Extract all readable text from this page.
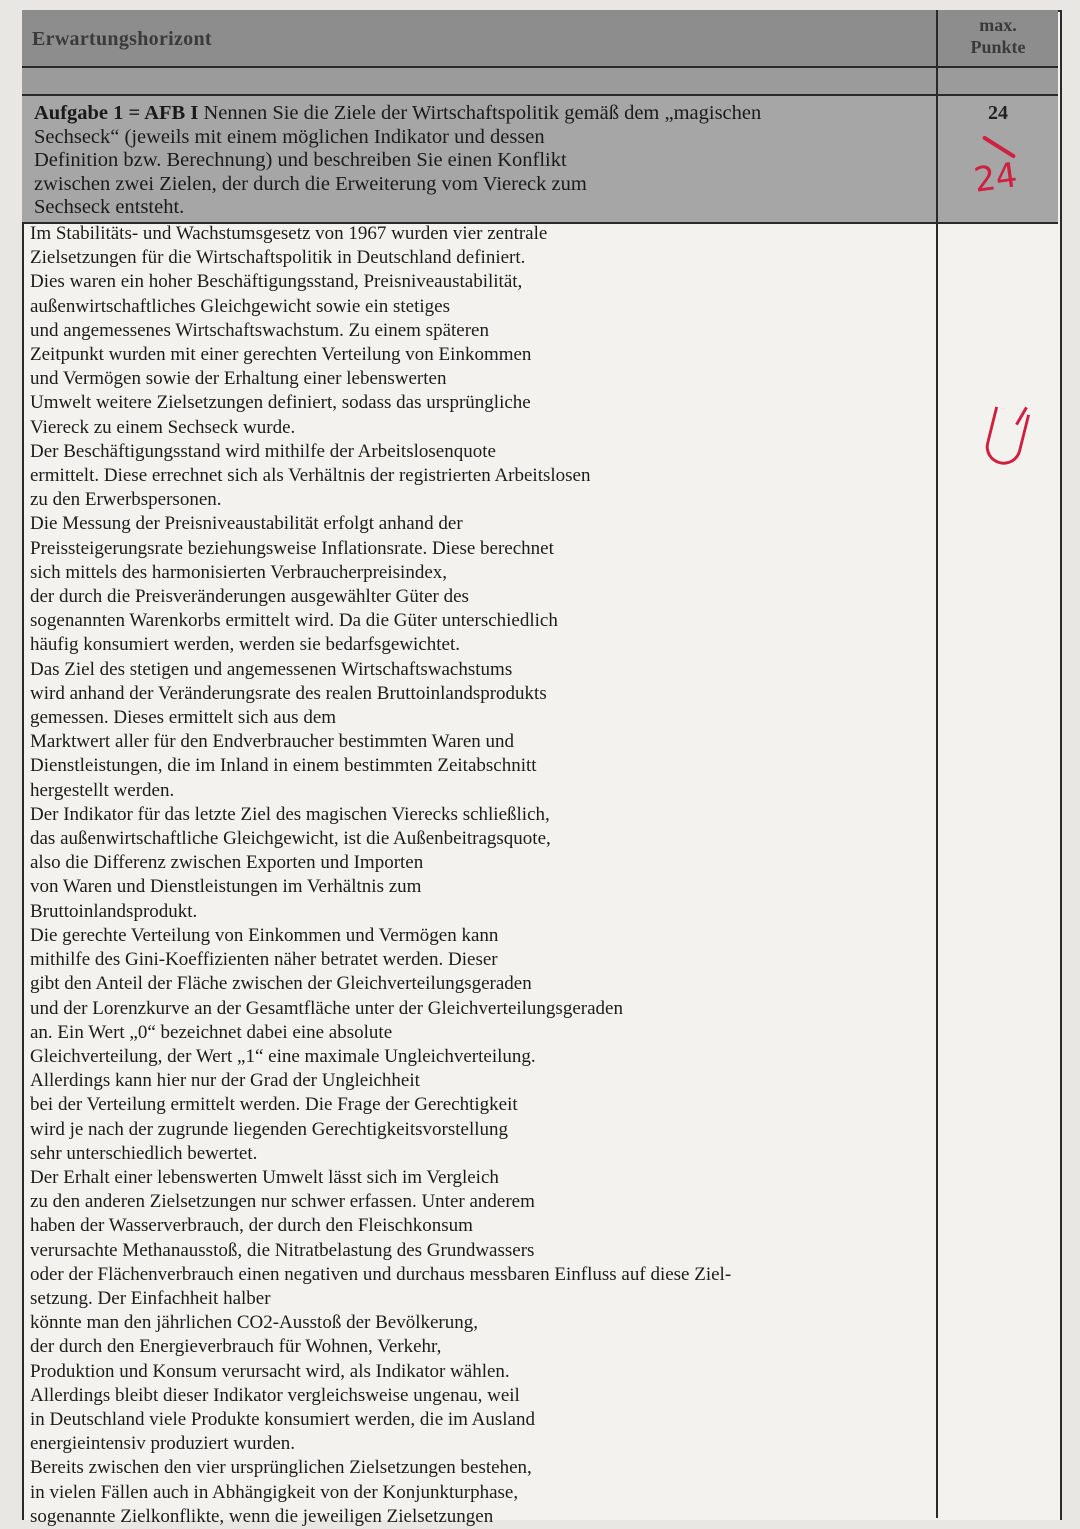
Erwartungshorizont
max.
Punkte
Aufgabe 1 = AFB I Nennen Sie die Ziele der Wirtschaftspolitik gemäß dem „magischen
Sechseck“ (jeweils mit einem möglichen Indikator und dessen
Definition bzw. Berechnung) und beschreiben Sie einen Konflikt
zwischen zwei Zielen, der durch die Erweiterung vom Viereck zum
Sechseck entsteht.
24
24
Im Stabilitäts- und Wachstumsgesetz von 1967 wurden vier zentrale
Zielsetzungen für die Wirtschaftspolitik in Deutschland definiert.
Dies waren ein hoher Beschäftigungsstand, Preisniveaustabilität,
außenwirtschaftliches Gleichgewicht sowie ein stetiges
und angemessenes Wirtschaftswachstum. Zu einem späteren
Zeitpunkt wurden mit einer gerechten Verteilung von Einkommen
und Vermögen sowie der Erhaltung einer lebenswerten
Umwelt weitere Zielsetzungen definiert, sodass das ursprüngliche
Viereck zu einem Sechseck wurde.
Der Beschäftigungsstand wird mithilfe der Arbeitslosenquote
ermittelt. Diese errechnet sich als Verhältnis der registrierten Arbeitslosen
zu den Erwerbspersonen.
Die Messung der Preisniveaustabilität erfolgt anhand der
Preissteigerungsrate beziehungsweise Inflationsrate. Diese berechnet
sich mittels des harmonisierten Verbraucherpreisindex,
der durch die Preisveränderungen ausgewählter Güter des
sogenannten Warenkorbs ermittelt wird. Da die Güter unterschiedlich
häufig konsumiert werden, werden sie bedarfsgewichtet.
Das Ziel des stetigen und angemessenen Wirtschaftswachstums
wird anhand der Veränderungsrate des realen Bruttoinlandsprodukts
gemessen. Dieses ermittelt sich aus dem
Marktwert aller für den Endverbraucher bestimmten Waren und
Dienstleistungen, die im Inland in einem bestimmten Zeitabschnitt
hergestellt werden.
Der Indikator für das letzte Ziel des magischen Vierecks schließlich,
das außenwirtschaftliche Gleichgewicht, ist die Außenbeitragsquote,
also die Differenz zwischen Exporten und Importen
von Waren und Dienstleistungen im Verhältnis zum
Bruttoinlandsprodukt.
Die gerechte Verteilung von Einkommen und Vermögen kann
mithilfe des Gini-Koeffizienten näher betratet werden. Dieser
gibt den Anteil der Fläche zwischen der Gleichverteilungsgeraden
und der Lorenzkurve an der Gesamtfläche unter der Gleichverteilungsgeraden
an. Ein Wert „0“ bezeichnet dabei eine absolute
Gleichverteilung, der Wert „1“ eine maximale Ungleichverteilung.
Allerdings kann hier nur der Grad der Ungleichheit
bei der Verteilung ermittelt werden. Die Frage der Gerechtigkeit
wird je nach der zugrunde liegenden Gerechtigkeitsvorstellung
sehr unterschiedlich bewertet.
Der Erhalt einer lebenswerten Umwelt lässt sich im Vergleich
zu den anderen Zielsetzungen nur schwer erfassen. Unter anderem
haben der Wasserverbrauch, der durch den Fleischkonsum
verursachte Methanausstoß, die Nitratbelastung des Grundwassers
oder der Flächenverbrauch einen negativen und durchaus messbaren Einfluss auf diese Ziel-
setzung. Der Einfachheit halber
könnte man den jährlichen CO2-Ausstoß der Bevölkerung,
der durch den Energieverbrauch für Wohnen, Verkehr,
Produktion und Konsum verursacht wird, als Indikator wählen.
Allerdings bleibt dieser Indikator vergleichsweise ungenau, weil
in Deutschland viele Produkte konsumiert werden, die im Ausland
energieintensiv produziert wurden.
Bereits zwischen den vier ursprünglichen Zielsetzungen bestehen,
in vielen Fällen auch in Abhängigkeit von der Konjunkturphase,
sogenannte Zielkonflikte, wenn die jeweiligen Zielsetzungen
